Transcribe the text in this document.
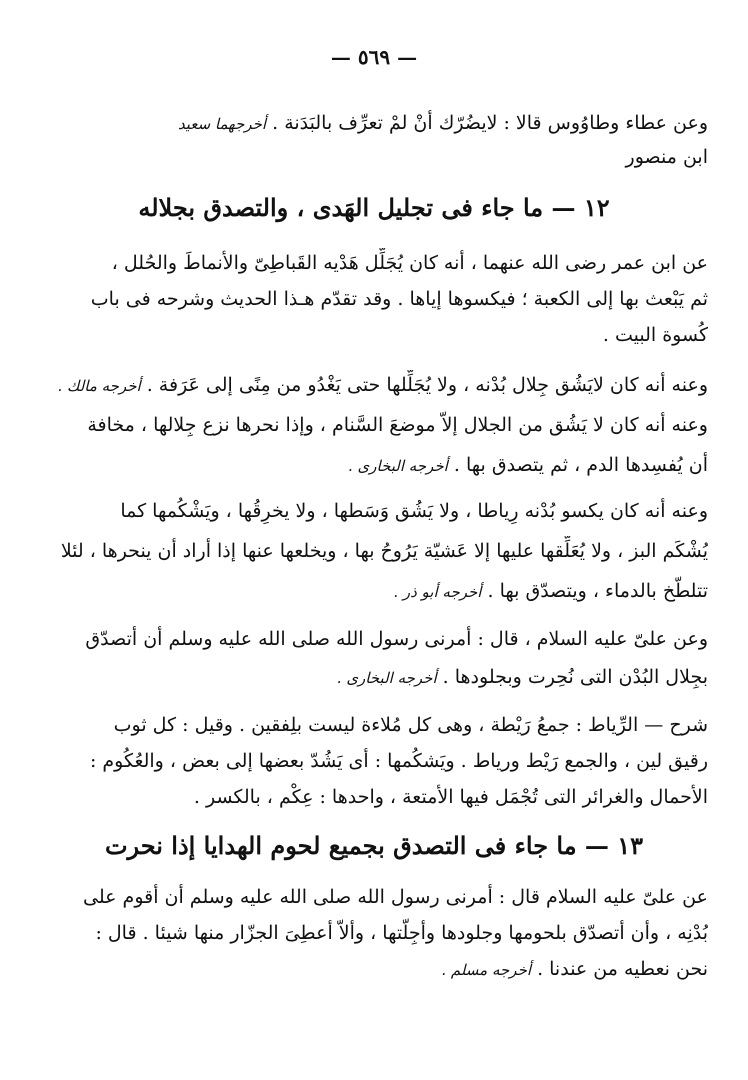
— ٥٦٩ —
وعن عطاء وطاوُوس قالا : لايضُرّك أنْ لمْ تعرِّف بالبَدَنة . أخرجهما سعيد
ابن منصور
١٢ — ما جاء فى تجليل الهَدى ، والتصدق بجلاله
عن ابن عمر رضى الله عنهما ، أنه كان يُجَلِّل هَدْيه القَباطِىّ والأنماطَ والحُلل ،
ثم يَبْعث بها إلى الكعبة ؛ فيكسوها إياها . وقد تقدّم هـذا الحديث وشرحه فى باب
كُسوة البيت .
وعنه أنه كان لايَشُق جِلال بُدْنه ، ولا يُجَلِّلها حتى يَغْدُو من مِنًى إلى عَرَفة . أخرجه مالك .
وعنه أنه كان لا يَشُق من الجلال إلاّ موضعَ السَّنام ، وإذا نحرها نزع جِلالها ، مخافة
أن يُفسِدها الدم ، ثم يتصدق بها . أخرجه البخارى .
وعنه أنه كان يكسو بُدْنه رِياطا ، ولا يَشُق وَسَطها ، ولا يخرِقُها ، ويَشْكُمها كما
يُشْكَم البز ، ولا يُعَلِّقها عليها إلا عَشيّة يَرُوحُ بها ، ويخلعها عنها إذا أراد أن ينحرها ، لئلا
تتلطّخ بالدماء ، ويتصدّق بها . أخرجه أبو ذر .
وعن علىّ عليه السلام ، قال : أمرنى رسول الله صلى الله عليه وسلم أن أتصدّق
بجِلال البُدْن التى نُحِرت وبجلودها . أخرجه البخارى .
شرح — الرِّياط : جمعُ رَيْطة ، وهى كل مُلاءة ليست بلِفقين . وقيل : كل ثوب
رقيق لين ، والجمع رَيْط ورياط . ويَشكُمها : أى يَشُدّ بعضها إلى بعض ، والعُكُوم :
الأحمال والغرائر التى تُجْمَل فيها الأمتعة ، واحدها : عِكْم ، بالكسر .
١٣ — ما جاء فى التصدق بجميع لحوم الهدايا إذا نحرت
عن علىّ عليه السلام قال : أمرنى رسول الله صلى الله عليه وسلم أن أقوم على
بُدْنِه ، وأن أتصدّق بلحومها وجلودها وأجِلّتها ، وألاّ أعطِىَ الجزّار منها شيئا . قال :
نحن نعطيه من عندنا . أخرجه مسلم .
